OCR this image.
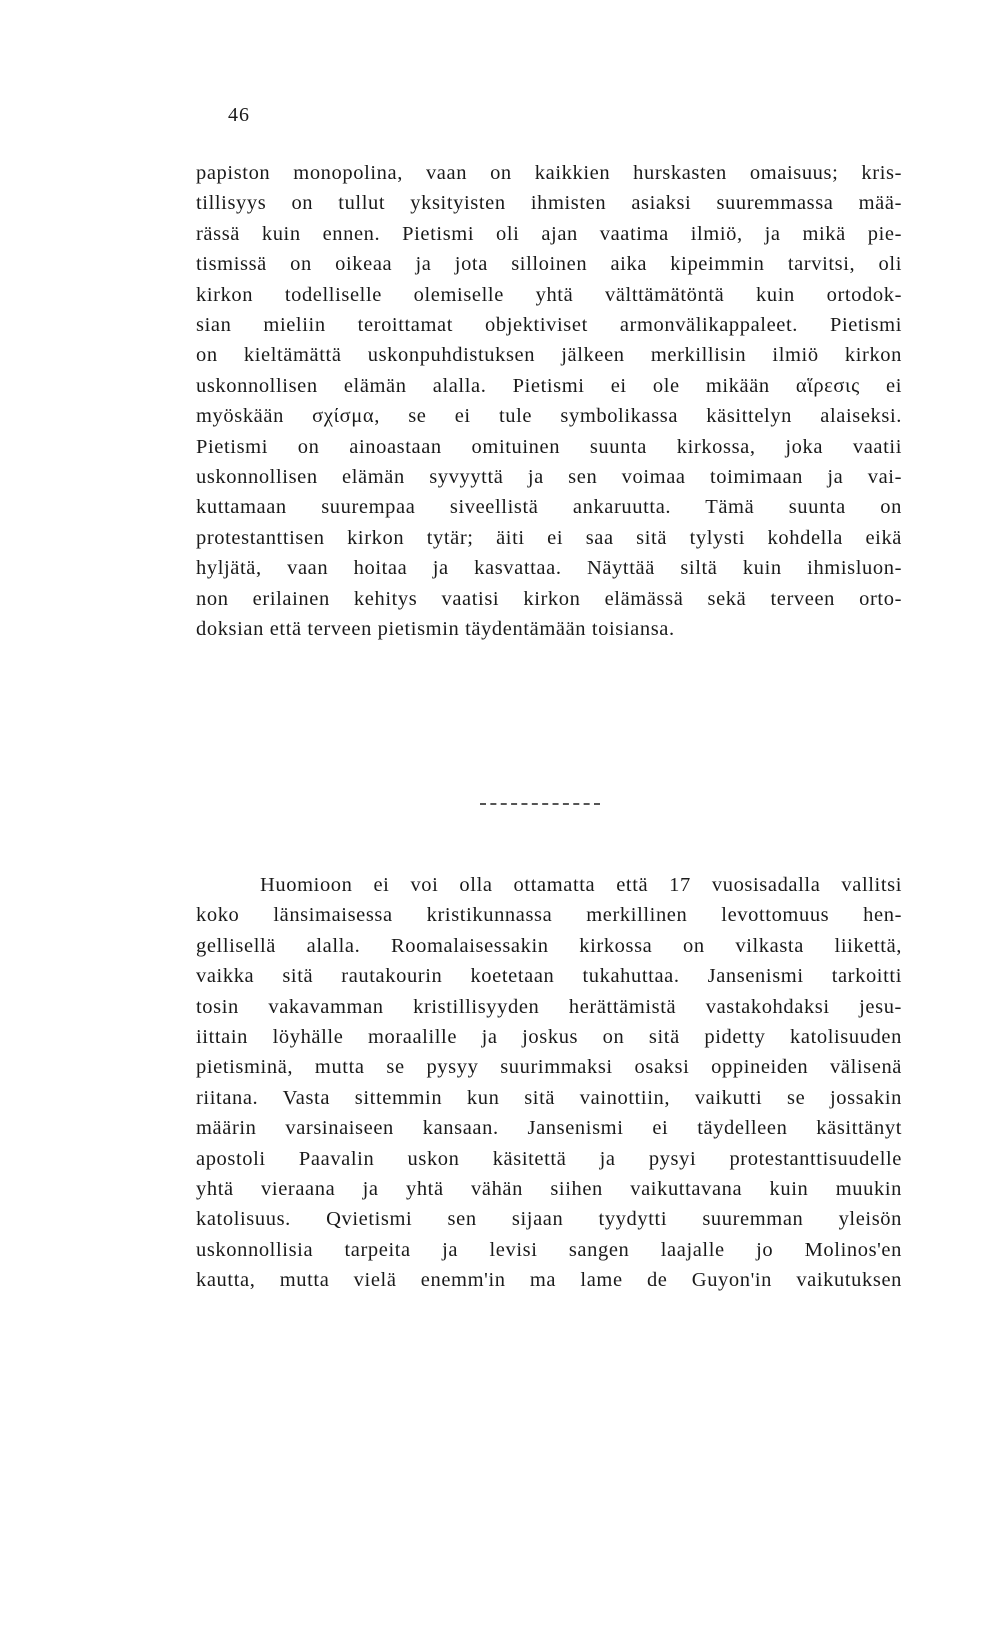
46
papiston monopolina, vaan on kaikkien hurskasten omaisuus; kris-
tillisyys on tullut yksityisten ihmisten asiaksi suuremmassa mää-
rässä kuin ennen. Pietismi oli ajan vaatima ilmiö, ja mikä pie-
tismissä on oikeaa ja jota silloinen aika kipeimmin tarvitsi, oli
kirkon todelliselle olemiselle yhtä välttämätöntä kuin ortodok-
sian mieliin teroittamat objektiviset armonvälikappaleet. Pietismi
on kieltämättä uskonpuhdistuksen jälkeen merkillisin ilmiö kirkon
uskonnollisen elämän alalla. Pietismi ei ole mikään αἵρεσις ei
myöskään σχίσμα, se ei tule symbolikassa käsittelyn alaiseksi.
Pietismi on ainoastaan omituinen suunta kirkossa, joka vaatii
uskonnollisen elämän syvyyttä ja sen voimaa toimimaan ja vai-
kuttamaan suurempaa siveellistä ankaruutta. Tämä suunta on
protestanttisen kirkon tytär; äiti ei saa sitä tylysti kohdella eikä
hyljätä, vaan hoitaa ja kasvattaa. Näyttää siltä kuin ihmisluon-
non erilainen kehitys vaatisi kirkon elämässä sekä terveen orto-
doksian että terveen pietismin täydentämään toisiansa.
Huomioon ei voi olla ottamatta että 17 vuosisadalla vallitsi
koko länsimaisessa kristikunnassa merkillinen levottomuus hen-
gellisellä alalla. Roomalaisessakin kirkossa on vilkasta liikettä,
vaikka sitä rautakourin koetetaan tukahuttaa. Jansenismi tarkoitti
tosin vakavamman kristillisyyden herättämistä vastakohdaksi jesu-
iittain löyhälle moraalille ja joskus on sitä pidetty katolisuuden
pietisminä, mutta se pysyy suurimmaksi osaksi oppineiden välisenä
riitana. Vasta sittemmin kun sitä vainottiin, vaikutti se jossakin
määrin varsinaiseen kansaan. Jansenismi ei täydelleen käsittänyt
apostoli Paavalin uskon käsitettä ja pysyi protestanttisuudelle
yhtä vieraana ja yhtä vähän siihen vaikuttavana kuin muukin
katolisuus. Qvietismi sen sijaan tyydytti suuremman yleisön
uskonnollisia tarpeita ja levisi sangen laajalle jo Molinos'en
kautta, mutta vielä enemm'in ma lame de Guyon'in vaikutuksen
